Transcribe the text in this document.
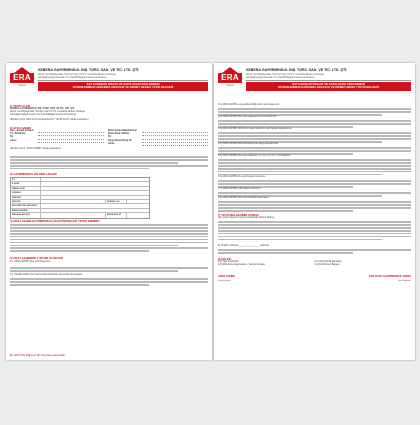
ERA
Sebera
SEBERA GAYRİMENKUL İNŞ. TURZ. SAN. VE TİC. LTD. ŞTİ.
Adres: Cevizlipaşa Mah. Hürriyet Cad. No:7/1 Yenisahra Merkez Çankaya
sebera@eragayrimenkul.com www.ERAgayrimenkul.com/sebera
KAT KARŞILIĞI İNŞAAT VE SATIŞ VAADİ SÖZLEŞMESİ
DÜZENLENMESİ HAKKINDA ARACILIK VE HİZMET BEDELİ YETKİ BELGESİ
1) YETKİ ALAN
SEBERA GAYRİMENKUL İNŞ. TURZ. SAN. VE TİC. LTD. ŞTİ.
Adres: Cevizlipaşa Mah. Hürriyet Cad. No:7/1 Yenisahra Merkez Çankaya
sebera@eragayrimenkul.com www.ERAgayrimenkul.com/sebera
(Bundan sonra "ERA Kuzu Gayrimenkul'ün / YETKİ ALAN" olarak anılacaktır.)
2) AYKA SAHİBİ
İsim - Soyadı (Ünvan)	Şirket Adresi/Vekaletli Kişi
T.C. Kimlik No	Şirket İmza Yetkilisi
Tel	Tel
Adres	Vergi Dairesi/Vergi No
Adres
(Bundan sonra "ARSA SAHİBİ" olarak anılacaktır.)
3) GAYRİMENKULÜN ÖZELLİKLERİ
İLİ
İLÇESİ
MAHALLESİ
SOKAĞI
PAFTASI
ADA NO	PARSEL NO
BULUNDUĞU BÖLGESİ
İMAR DURUMU
ARSA ALANI (M²)	ARSA NET M²
4) ARSA SAHİBİ GAYRİMENKULÜN SATIŞ/İNŞAATI YETKİLENDİRİR
5) ARSA SAHİBİNİN YÜKÜMLÜLÜKLERİ
5.1. ARSA SAHİBİ, işbu yetki belgesinin
5.2. Tarafları ERA Kuzu Gayrimenkul tarafından tanıştırılan arsa payları
Bu: ERA Ofisi Bağımsız Bir Franchise İşletmesidir
ERA
Sebera
SEBERA GAYRİMENKUL İNŞ. TURZ. SAN. VE TİC. LTD. ŞTİ.
Adres: Cevizlipaşa Mah. Hürriyet Cad. No:7/1 Yenisahra Merkez Çankaya
sebera@eragayrimenkul.com www.ERAgayrimenkul.com/sebera
KAT KARŞILIĞI İNŞAAT VE SATIŞ VAADİ SÖZLEŞMESİ
DÜZENLENMESİ HAKKINDA ARACILIK VE HİZMET BEDELİ YETKİ BELGESİ
6.1) ARSA SAHİBİ veya yetkilendirdiği şahıs yetki belgesinin
6.2) ARSA SAHİBİ işbu yetki belgesinin konusu taşınmazı
6.3) ARSA SAHİBİ, ERA Kuzu Gayrimenkul'ün yetki belgesi kapsamında
6.4) ARSA SAHİBİ, ERA tarafından işbu belge kapsamında
6.5) ARSA SAHİBİ işbu yetki belgesinin 4.1, 4.2, 4.3, 4.4, 4.5 maddeleri
6.6) ARSA SAHİBİ işbu yetki belgesi süresince
6.7) ARSA SAHİBİ yetki belgesi süresince
6.8) ARSA SAHİBİ, ERA Hizmet Bedeli ödemesini
7) YETKİ BELGESİNİN SÜRESİ
İşbu yetki belgesinin süresi imzalandığı tarihten itibaren
8) Tarafları arasında _____/_____/_____ tarihinde
9) EKLER
9.1) Tapu Fotokopisi	9.2) Vergi Kimlik Numarası
9.3) ERA Kuzu Gayrimenkul - Tanıtım Dosyası	9.4) İmar Durum Belgesi
ARSA SAHİBİ	ERA KUZU GAYRİMENKUL ADINA
İsim Soyisim:	İsim Soyisim:
